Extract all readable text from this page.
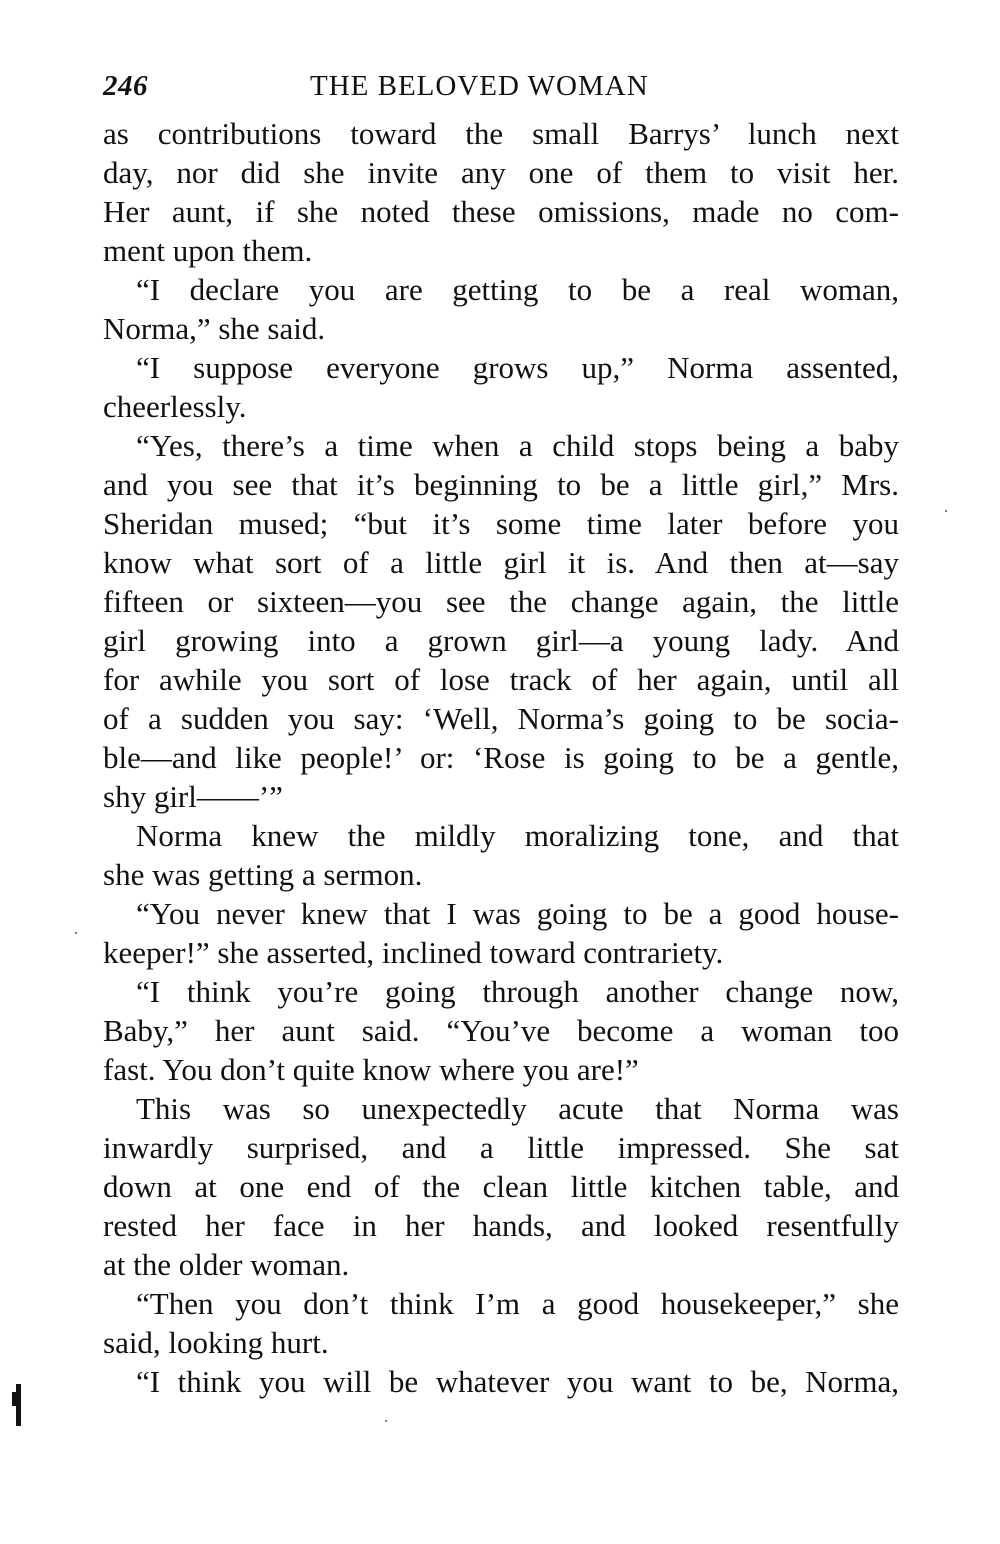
246	THE BELOVED WOMAN
as contributions toward the small Barrys’ lunch next
day, nor did she invite any one of them to visit her.
Her aunt, if she noted these omissions, made no com-
ment upon them.
“I declare you are getting to be a real woman,
Norma,” she said.
“I suppose everyone grows up,” Norma assented,
cheerlessly.
“Yes, there’s a time when a child stops being a baby
and you see that it’s beginning to be a little girl,” Mrs.
Sheridan mused; “but it’s some time later before you
know what sort of a little girl it is. And then at—say
fifteen or sixteen—you see the change again, the little
girl growing into a grown girl—a young lady. And
for awhile you sort of lose track of her again, until all
of a sudden you say: ‘Well, Norma’s going to be socia-
ble—and like people!’ or: ‘Rose is going to be a gentle,
shy girl——’”
Norma knew the mildly moralizing tone, and that
she was getting a sermon.
“You never knew that I was going to be a good house-
keeper!” she asserted, inclined toward contrariety.
“I think you’re going through another change now,
Baby,” her aunt said. “You’ve become a woman too
fast. You don’t quite know where you are!”
This was so unexpectedly acute that Norma was
inwardly surprised, and a little impressed. She sat
down at one end of the clean little kitchen table, and
rested her face in her hands, and looked resentfully
at the older woman.
“Then you don’t think I’m a good housekeeper,” she
said, looking hurt.
“I think you will be whatever you want to be, Norma,
